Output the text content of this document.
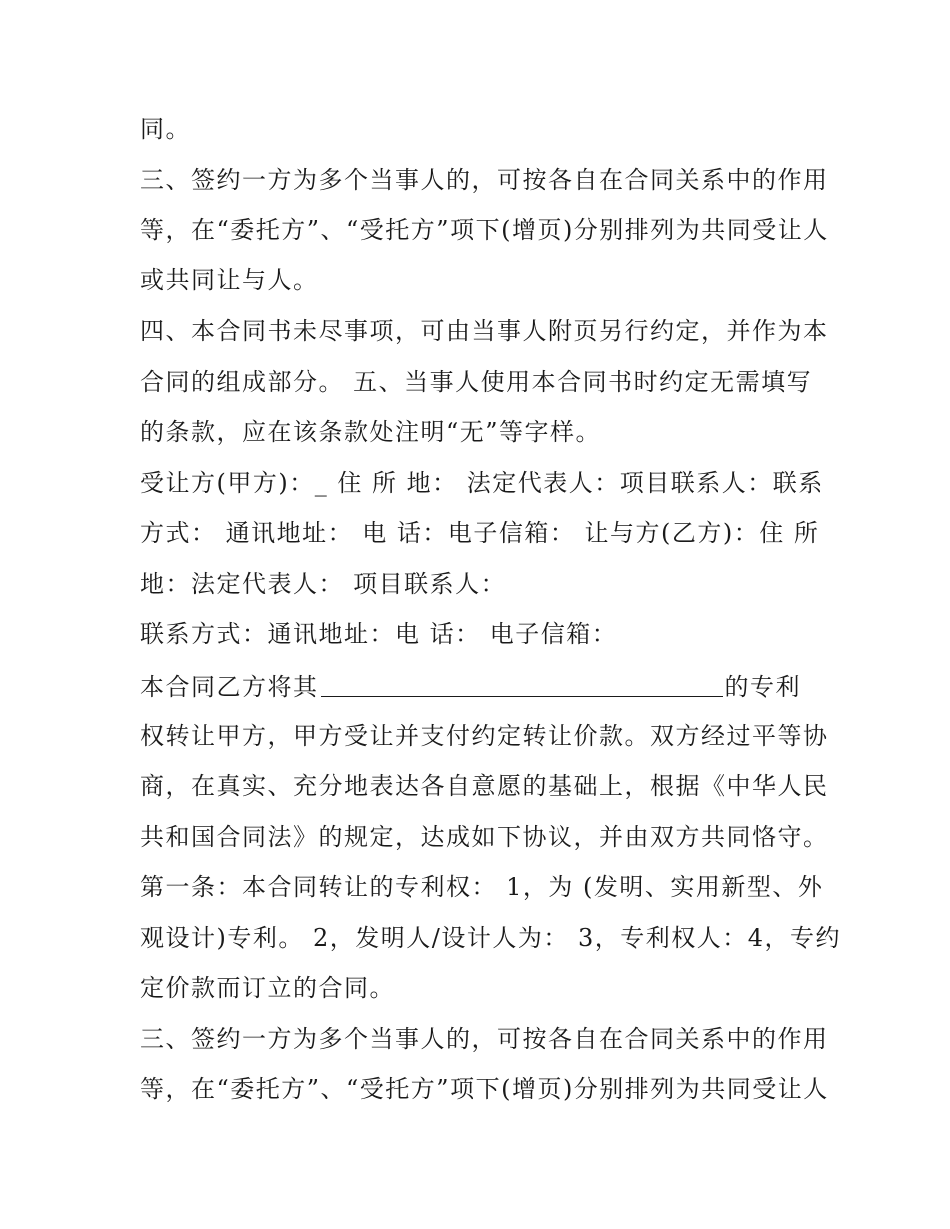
同。
三、签约一方为多个当事人的，可按各自在合同关系中的作用
等，在“委托方”、“受托方”项下(增页)分别排列为共同受让人
或共同让与人。
四、本合同书未尽事项，可由当事人附页另行约定，并作为本
合同的组成部分。 五、当事人使用本合同书时约定无需填写
的条款，应在该条款处注明“无”等字样。
受让方(甲方)：_ 住 所 地： 法定代表人：项目联系人：联系
方式： 通讯地址： 电 话：电子信箱： 让与方(乙方)：住 所
地：法定代表人： 项目联系人：
联系方式：通讯地址：电 话： 电子信箱：
本合同乙方将其	的专利
权转让甲方，甲方受让并支付约定转让价款。双方经过平等协
商，在真实、充分地表达各自意愿的基础上，根据《中华人民
共和国合同法》的规定，达成如下协议，并由双方共同恪守。
第一条：本合同转让的专利权： 1，为 (发明、实用新型、外
观设计)专利。 2，发明人/设计人为： 3，专利权人：4，专约
定价款而订立的合同。
三、签约一方为多个当事人的，可按各自在合同关系中的作用
等，在“委托方”、“受托方”项下(增页)分别排列为共同受让人
